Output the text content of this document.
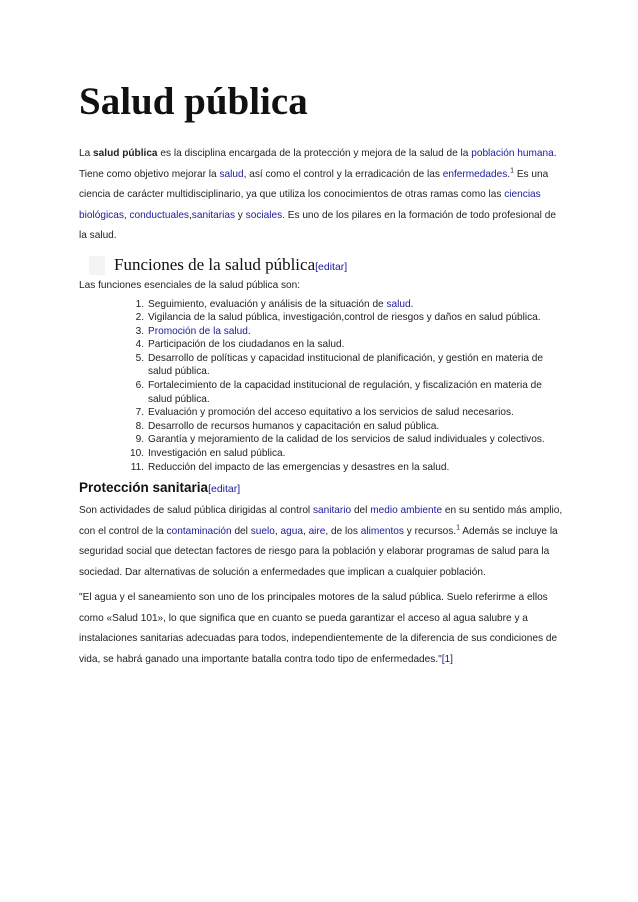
Salud pública

La salud pública es la disciplina encargada de la protección y mejora de la salud de la población humana. Tiene como objetivo mejorar la salud, así como el control y la erradicación de las enfermedades.$^1$ Es una ciencia de carácter multidisciplinario, ya que utiliza los conocimientos de otras ramas como las ciencias biológicas, conductuales,sanitarias y sociales. Es uno de los pilares en la formación de todo profesional de la salud.

Funciones de la salud pública[editar]

Las funciones esenciales de la salud pública son:

1. Seguimiento, evaluación y análisis de la situación de salud.
2. Vigilancia de la salud pública, investigación,control de riesgos y daños en salud pública.
3. Promoción de la salud.
4. Participación de los ciudadanos en la salud.
5. Desarrollo de políticas y capacidad institucional de planificación, y gestión en materia de salud pública.
6. Fortalecimiento de la capacidad institucional de regulación, y fiscalización en materia de salud pública.
7. Evaluación y promoción del acceso equitativo a los servicios de salud necesarios.
8. Desarrollo de recursos humanos y capacitación en salud pública.
9. Garantía y mejoramiento de la calidad de los servicios de salud individuales y colectivos.
10. Investigación en salud pública.
11. Reducción del impacto de las emergencias y desastres en la salud.
Protección sanitaria[editar]

Son actividades de salud pública dirigidas al control sanitario del medio ambiente en su sentido más amplio, con el control de la contaminación del suelo, agua, aire, de los alimentos y recursos.$^1$ Además se incluye la seguridad social que detectan factores de riesgo para la población y elaborar programas de salud para la sociedad. Dar alternativas de solución a enfermedades que implican a cualquier población.

"El agua y el saneamiento son uno de los principales motores de la salud pública. Suelo referirme a ellos como «Salud 101», lo que significa que en cuanto se pueda garantizar el acceso al agua salubre y a instalaciones sanitarias adecuadas para todos, independientemente de la diferencia de sus condiciones de vida, se habrá ganado una importante batalla contra todo tipo de enfermedades."[1]
